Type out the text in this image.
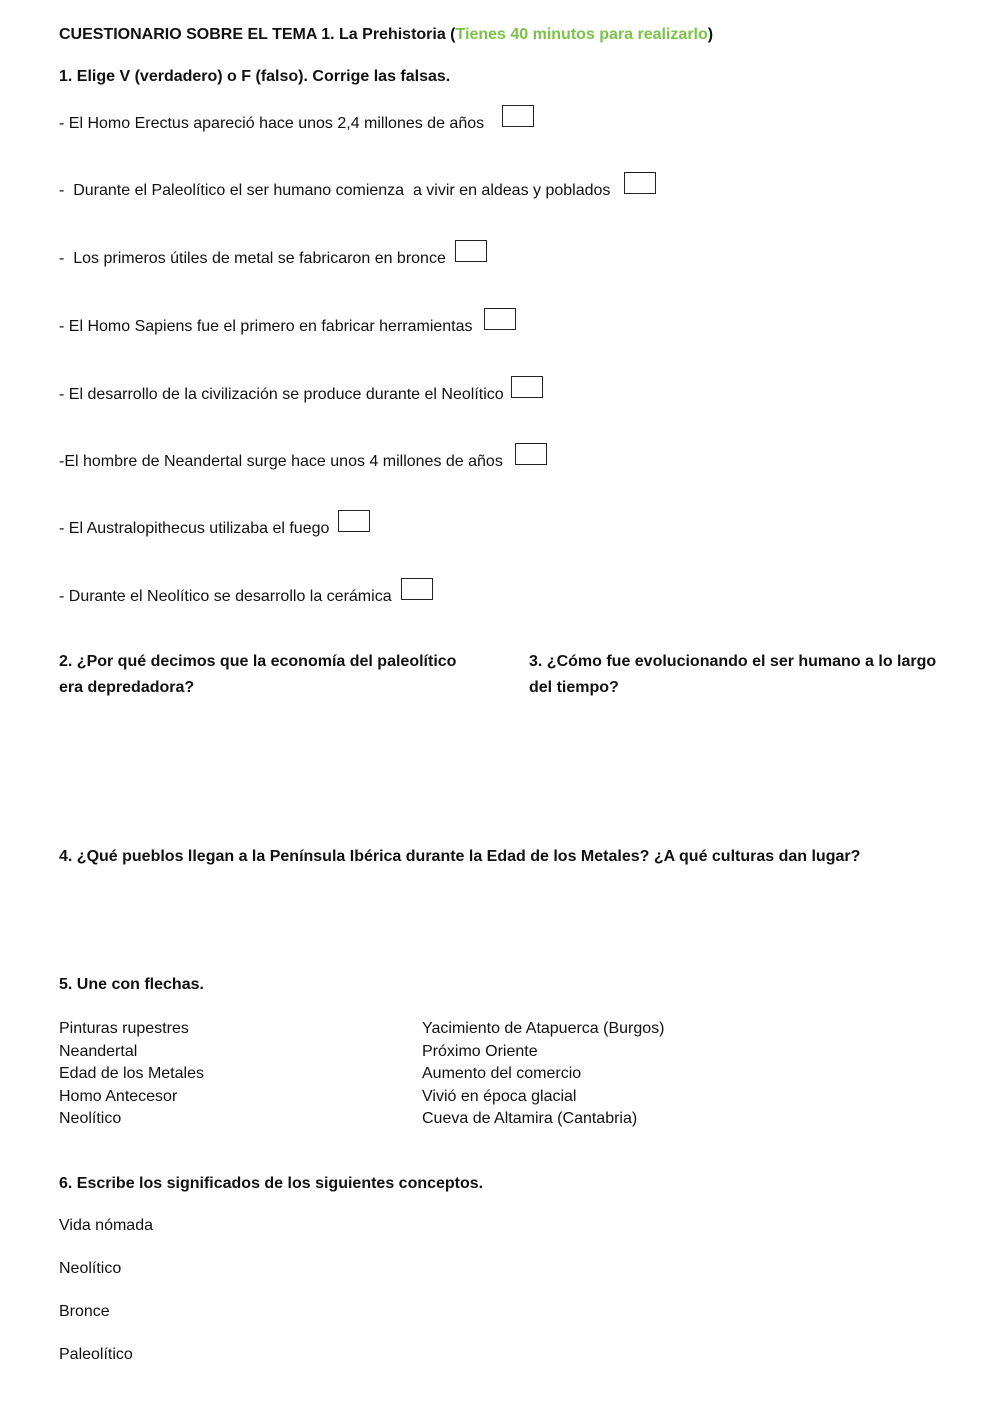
CUESTIONARIO SOBRE EL TEMA 1. La Prehistoria (Tienes 40 minutos para realizarlo)
1. Elige V (verdadero) o F (falso). Corrige las falsas.
- El Homo Erectus apareció hace unos 2,4 millones de años
-  Durante el Paleolítico el ser humano comienza  a vivir en aldeas y poblados
-  Los primeros útiles de metal se fabricaron en bronce
- El Homo Sapiens fue el primero en fabricar herramientas
- El desarrollo de la civilización se produce durante el Neolítico
-El hombre de Neandertal surge hace unos 4 millones de años
- El Australopithecus utilizaba el fuego
- Durante el Neolítico se desarrollo la cerámica
2. ¿Por qué decimos que la economía del paleolítico era depredadora?
3. ¿Cómo fue evolucionando el ser humano a lo largo del tiempo?
4. ¿Qué pueblos llegan a la Península Ibérica durante la Edad de los Metales? ¿A qué culturas dan lugar?
5. Une con flechas.
Pinturas rupestres
Neandertal
Edad de los Metales
Homo Antecesor
Neolítico
Yacimiento de Atapuerca (Burgos)
Próximo Oriente
Aumento del comercio
Vivió en época glacial
Cueva de Altamira (Cantabria)
6. Escribe los significados de los siguientes conceptos.
Vida nómada
Neolítico
Bronce
Paleolítico
